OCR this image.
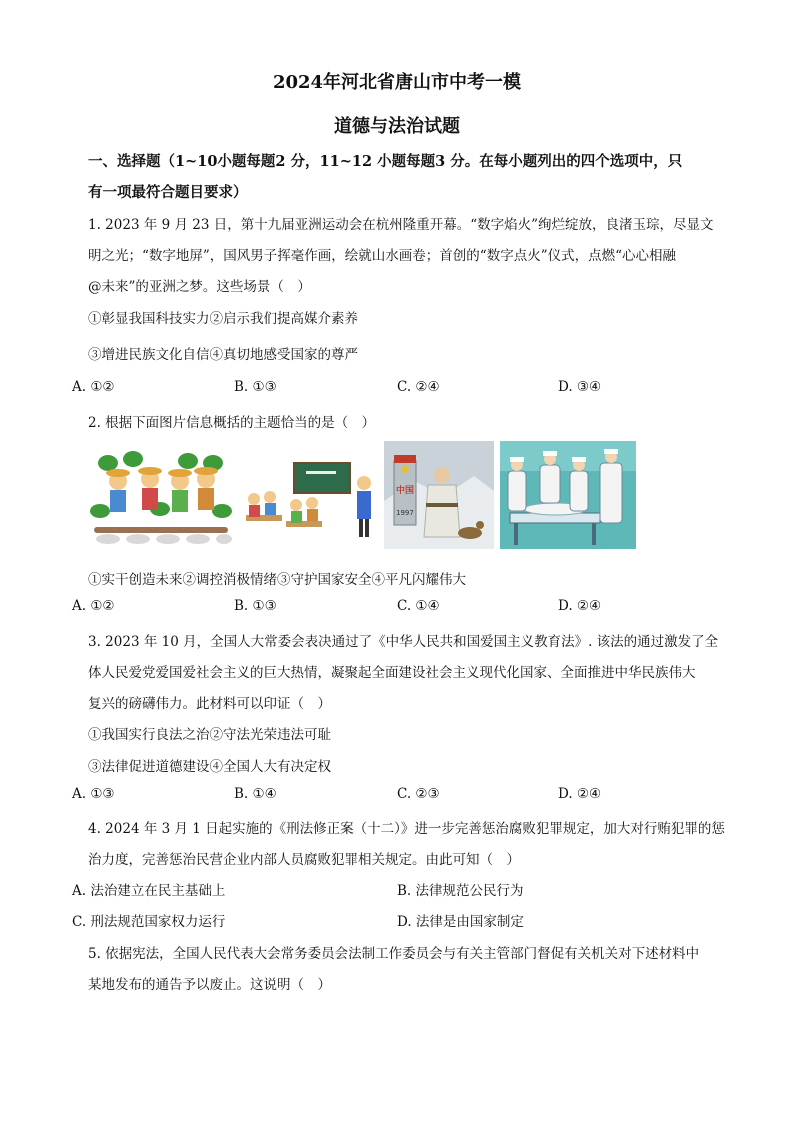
2024年河北省唐山市中考一模
道德与法治试题
一、选择题（1~10小题每题2 分，11~12 小题每题3 分。在每小题列出的四个选项中，只
有一项最符合题目要求）
1. 2023 年 9 月 23 日，第十九届亚洲运动会在杭州隆重开幕。“数字焰火”绚烂绽放，良渚玉琮，尽显文
明之光；“数字地屏”，国风男子挥毫作画，绘就山水画卷；首创的“数字点火”仪式，点燃“心心相融
@未来”的亚洲之梦。这些场景（　）
①彰显我国科技实力②启示我们提高媒介素养
③增进民族文化自信④真切地感受国家的尊严
A. ①②	B. ①③	C. ②④	D. ③④
2. 根据下面图片信息概括的主题恰当的是（　）
中国
1997
①实干创造未来②调控消极情绪③守护国家安全④平凡闪耀伟大
A. ①②	B. ①③	C. ①④	D. ②④
3. 2023 年 10 月，全国人大常委会表决通过了《中华人民共和国爱国主义教育法》. 该法的通过激发了全
体人民爱党爱国爱社会主义的巨大热情，凝聚起全面建设社会主义现代化国家、全面推进中华民族伟大
复兴的磅礴伟力。此材料可以印证（　）
①我国实行良法之治②守法光荣违法可耻
③法律促进道德建设④全国人大有决定权
A. ①③	B. ①④	C. ②③	D. ②④
4. 2024 年 3 月 1 日起实施的《刑法修正案（十二）》进一步完善惩治腐败犯罪规定，加大对行贿犯罪的惩
治力度，完善惩治民营企业内部人员腐败犯罪相关规定。由此可知（　）
A. 法治建立在民主基础上	B. 法律规范公民行为
C. 刑法规范国家权力运行	D. 法律是由国家制定
5. 依据宪法，全国人民代表大会常务委员会法制工作委员会与有关主管部门督促有关机关对下述材料中
某地发布的通告予以废止。这说明（　）
